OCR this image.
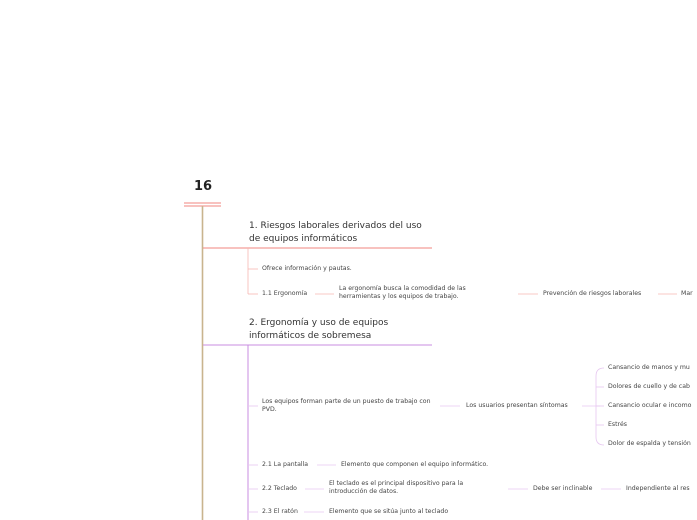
16
1. Riesgos laborales derivados del uso de equipos informáticos
Ofrece información y pautas.
1.1 Ergonomía
La ergonomía busca la comodidad de las herramientas y los equipos de trabajo.	Prevención de riesgos laborales	Mar
2. Ergonomía y uso de equipos informáticos de sobremesa
Los equipos forman parte de un puesto de trabajo con PVD.
Los usuarios presentan síntomas
Cansancio de manos y mu
Dolores de cuello y de cab
Cansancio ocular e incomo
Estrés
Dolor de espalda y tensión
2.1 La pantalla	Elemento que componen el equipo informático.
2.2 Teclado
El teclado es el principal dispositivo para la introducción de datos.	Debe ser inclinable	Independiente al res
2.3 El ratón	Elemento que se sitúa junto al teclado
